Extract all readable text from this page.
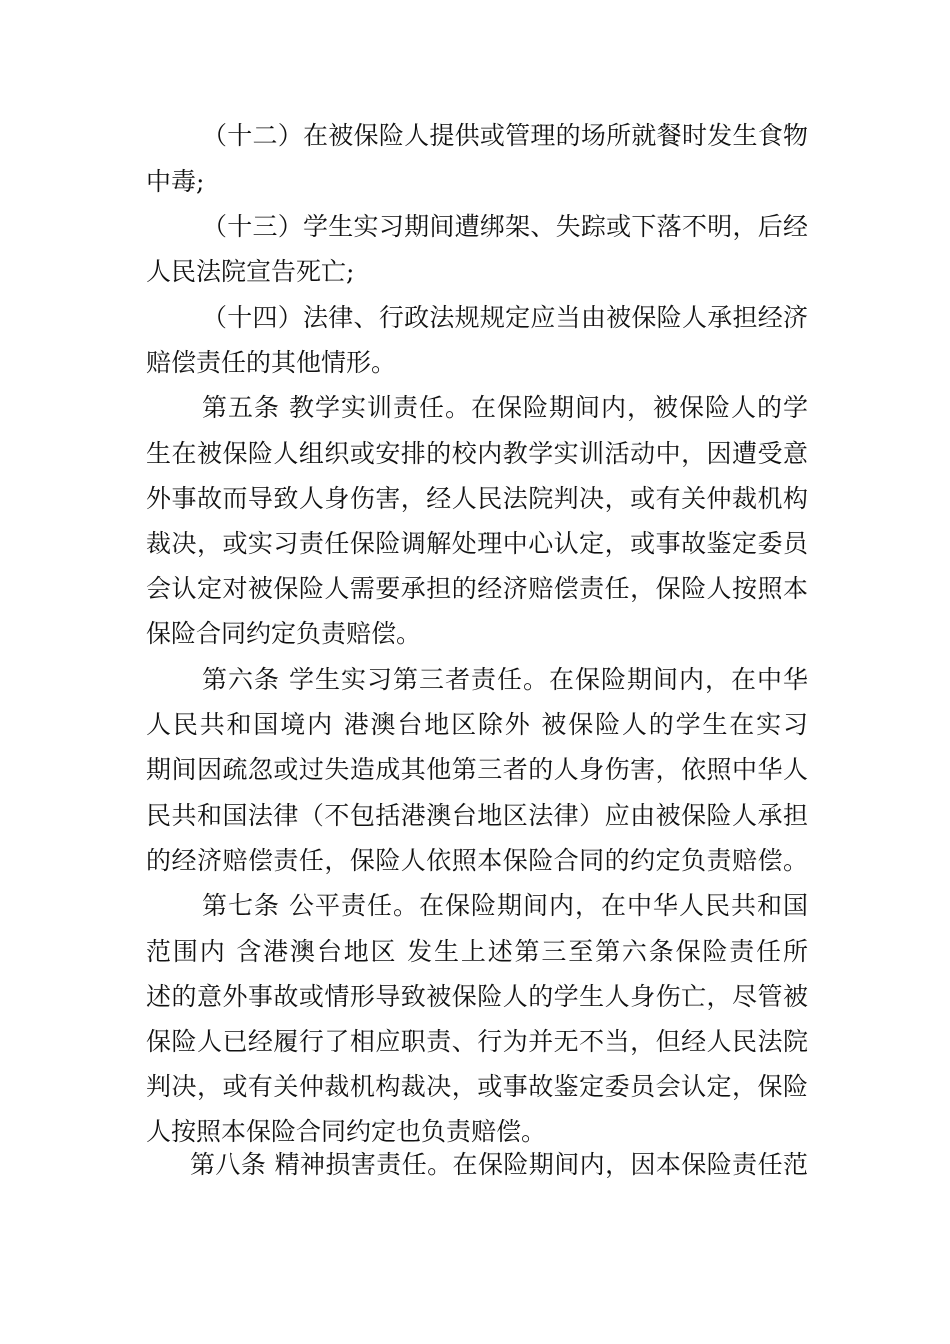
（十二）在被保险人提供或管理的场所就餐时发生食物
中毒;
（十三）学生实习期间遭绑架、失踪或下落不明，后经
人民法院宣告死亡;
（十四）法律、行政法规规定应当由被保险人承担经济
赔偿责任的其他情形。
第五条 教学实训责任。在保险期间内，被保险人的学
生在被保险人组织或安排的校内教学实训活动中，因遭受意
外事故而导致人身伤害，经人民法院判决，或有关仲裁机构
裁决，或实习责任保险调解处理中心认定，或事故鉴定委员
会认定对被保险人需要承担的经济赔偿责任，保险人按照本
保险合同约定负责赔偿。
第六条 学生实习第三者责任。在保险期间内，在中华
人民共和国境内 港澳台地区除外 被保险人的学生在实习
期间因疏忽或过失造成其他第三者的人身伤害，依照中华人
民共和国法律（不包括港澳台地区法律）应由被保险人承担
的经济赔偿责任，保险人依照本保险合同的约定负责赔偿。
第七条 公平责任。在保险期间内，在中华人民共和国
范围内 含港澳台地区 发生上述第三至第六条保险责任所
述的意外事故或情形导致被保险人的学生人身伤亡，尽管被
保险人已经履行了相应职责、行为并无不当，但经人民法院
判决，或有关仲裁机构裁决，或事故鉴定委员会认定，保险
人按照本保险合同约定也负责赔偿。
第八条 精神损害责任。在保险期间内，因本保险责任范
